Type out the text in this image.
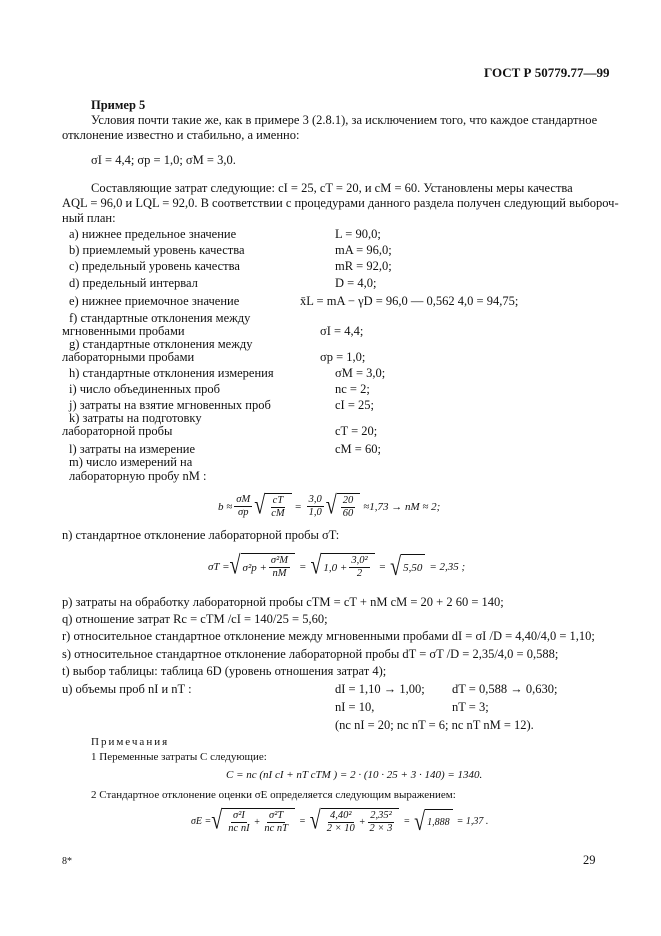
ГОСТ Р 50779.77—99
Пример 5
Условия почти такие же, как в примере 3 (2.8.1), за исключением того, что каждое стандартное
отклонение известно и стабильно, а именно:
σI = 4,4; σp = 1,0; σM = 3,0.
Составляющие затрат следующие: cI = 25, cT = 20, и cM = 60. Установлены меры качества
AQL = 96,0 и LQL = 92,0. В соответствии с процедурами данного раздела получен следующий выбороч-
ный план:
a) нижнее предельное значение	L = 90,0;
b) приемлемый уровень качества	mA = 96,0;
c) предельный уровень качества	mR = 92,0;
d) предельный интервал	D = 4,0;
e) нижнее приемочное значение	x̄L = mA − γD = 96,0 — 0,562 4,0 = 94,75;
f) стандартные отклонения между
мгновенными пробами	σI = 4,4;
g) стандартные отклонения между
лабораторными пробами	σp = 1,0;
h) стандартные отклонения измерения	σM = 3,0;
i) число объединенных проб	nc = 2;
j) затраты на взятие мгновенных проб	cI = 25;
k) затраты на подготовку
лабораторной пробы	cT = 20;
l) затраты на измерение	cM = 60;
m) число измерений на
лабораторную пробу nM :
$b \approx \frac{\sigma M}{\sigma p}$ √ $\frac{cT}{cM} = \frac{3,0}{1,0}$ √ $\frac{20}{60} \approx 1,73$ → nM ≈ 2;
n) стандартное отклонение лабораторной пробы σT:
σT = √ $\sigma^2p + \frac{\text{σ²M}}{nM}$ = √ $1,0 + \frac{\text{3,0²}}{2}$ = √ 5,50 = 2,35 ;
p) затраты на обработку лабораторной пробы cTM = cT + nM cM = 20 + 2 60 = 140;
q) отношение затрат Rc = cTM /cI = 140/25 = 5,60;
r) относительное стандартное отклонение между мгновенными пробами dI = σI /D = 4,40/4,0 = 1,10;
s) относительное стандартное отклонение лабораторной пробы dT = σT /D = 2,35/4,0 = 0,588;
t) выбор таблицы: таблица 6D (уровень отношения затрат 4);
u) объемы проб nI и nT :	dI = 1,10 → 1,00; dT = 0,588 → 0,630;
nI = 10,	nT = 3;
(nc nI = 20; nc nT = 6; nc nT nM = 12).
Примечания
1 Переменные затраты C следующие:
C = nc (nI cI + nT cTM ) = 2 · (10 · 25 + 3 · 140) = 1340.
2 Стандартное отклонение оценки σE определяется следующим выражением:
σE = √ $\frac{\text{σ²I}}{\text{nc nI}} + \frac{\text{σ²T}}{\text{nc nT}}$ = √ $\frac{\text{4,40²}}{2 \times 10} + \frac{\text{2,35²}}{2 \times 3}$ = √ 1,888 = 1,37 .
8*	29
